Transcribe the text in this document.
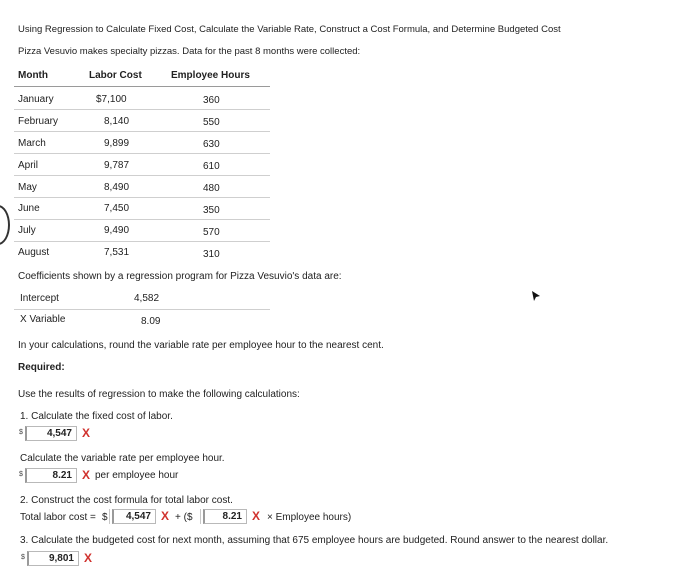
Using Regression to Calculate Fixed Cost, Calculate the Variable Rate, Construct a Cost Formula, and Determine Budgeted Cost
Pizza Vesuvio makes specialty pizzas. Data for the past 8 months were collected:
Month	Labor Cost	Employee Hours
January	$7,100	360
February	8,140	550
March	9,899	630
April	9,787	610
May	8,490	480
June	7,450	350
July	9,490	570
August	7,531	310
Coefficients shown by a regression program for Pizza Vesuvio's data are:
Intercept	4,582
X Variable	8.09
In your calculations, round the variable rate per employee hour to the nearest cent.
Required:
Use the results of regression to make the following calculations:
1. Calculate the fixed cost of labor.
$	4,547 X
Calculate the variable rate per employee hour.
$	8.21 X per employee hour
2. Construct the cost formula for total labor cost.
Total labor cost = $	4,547 X + ($	8.21 X × Employee hours)
3. Calculate the budgeted cost for next month, assuming that 675 employee hours are budgeted. Round answer to the nearest dollar.
$	9,801 X
